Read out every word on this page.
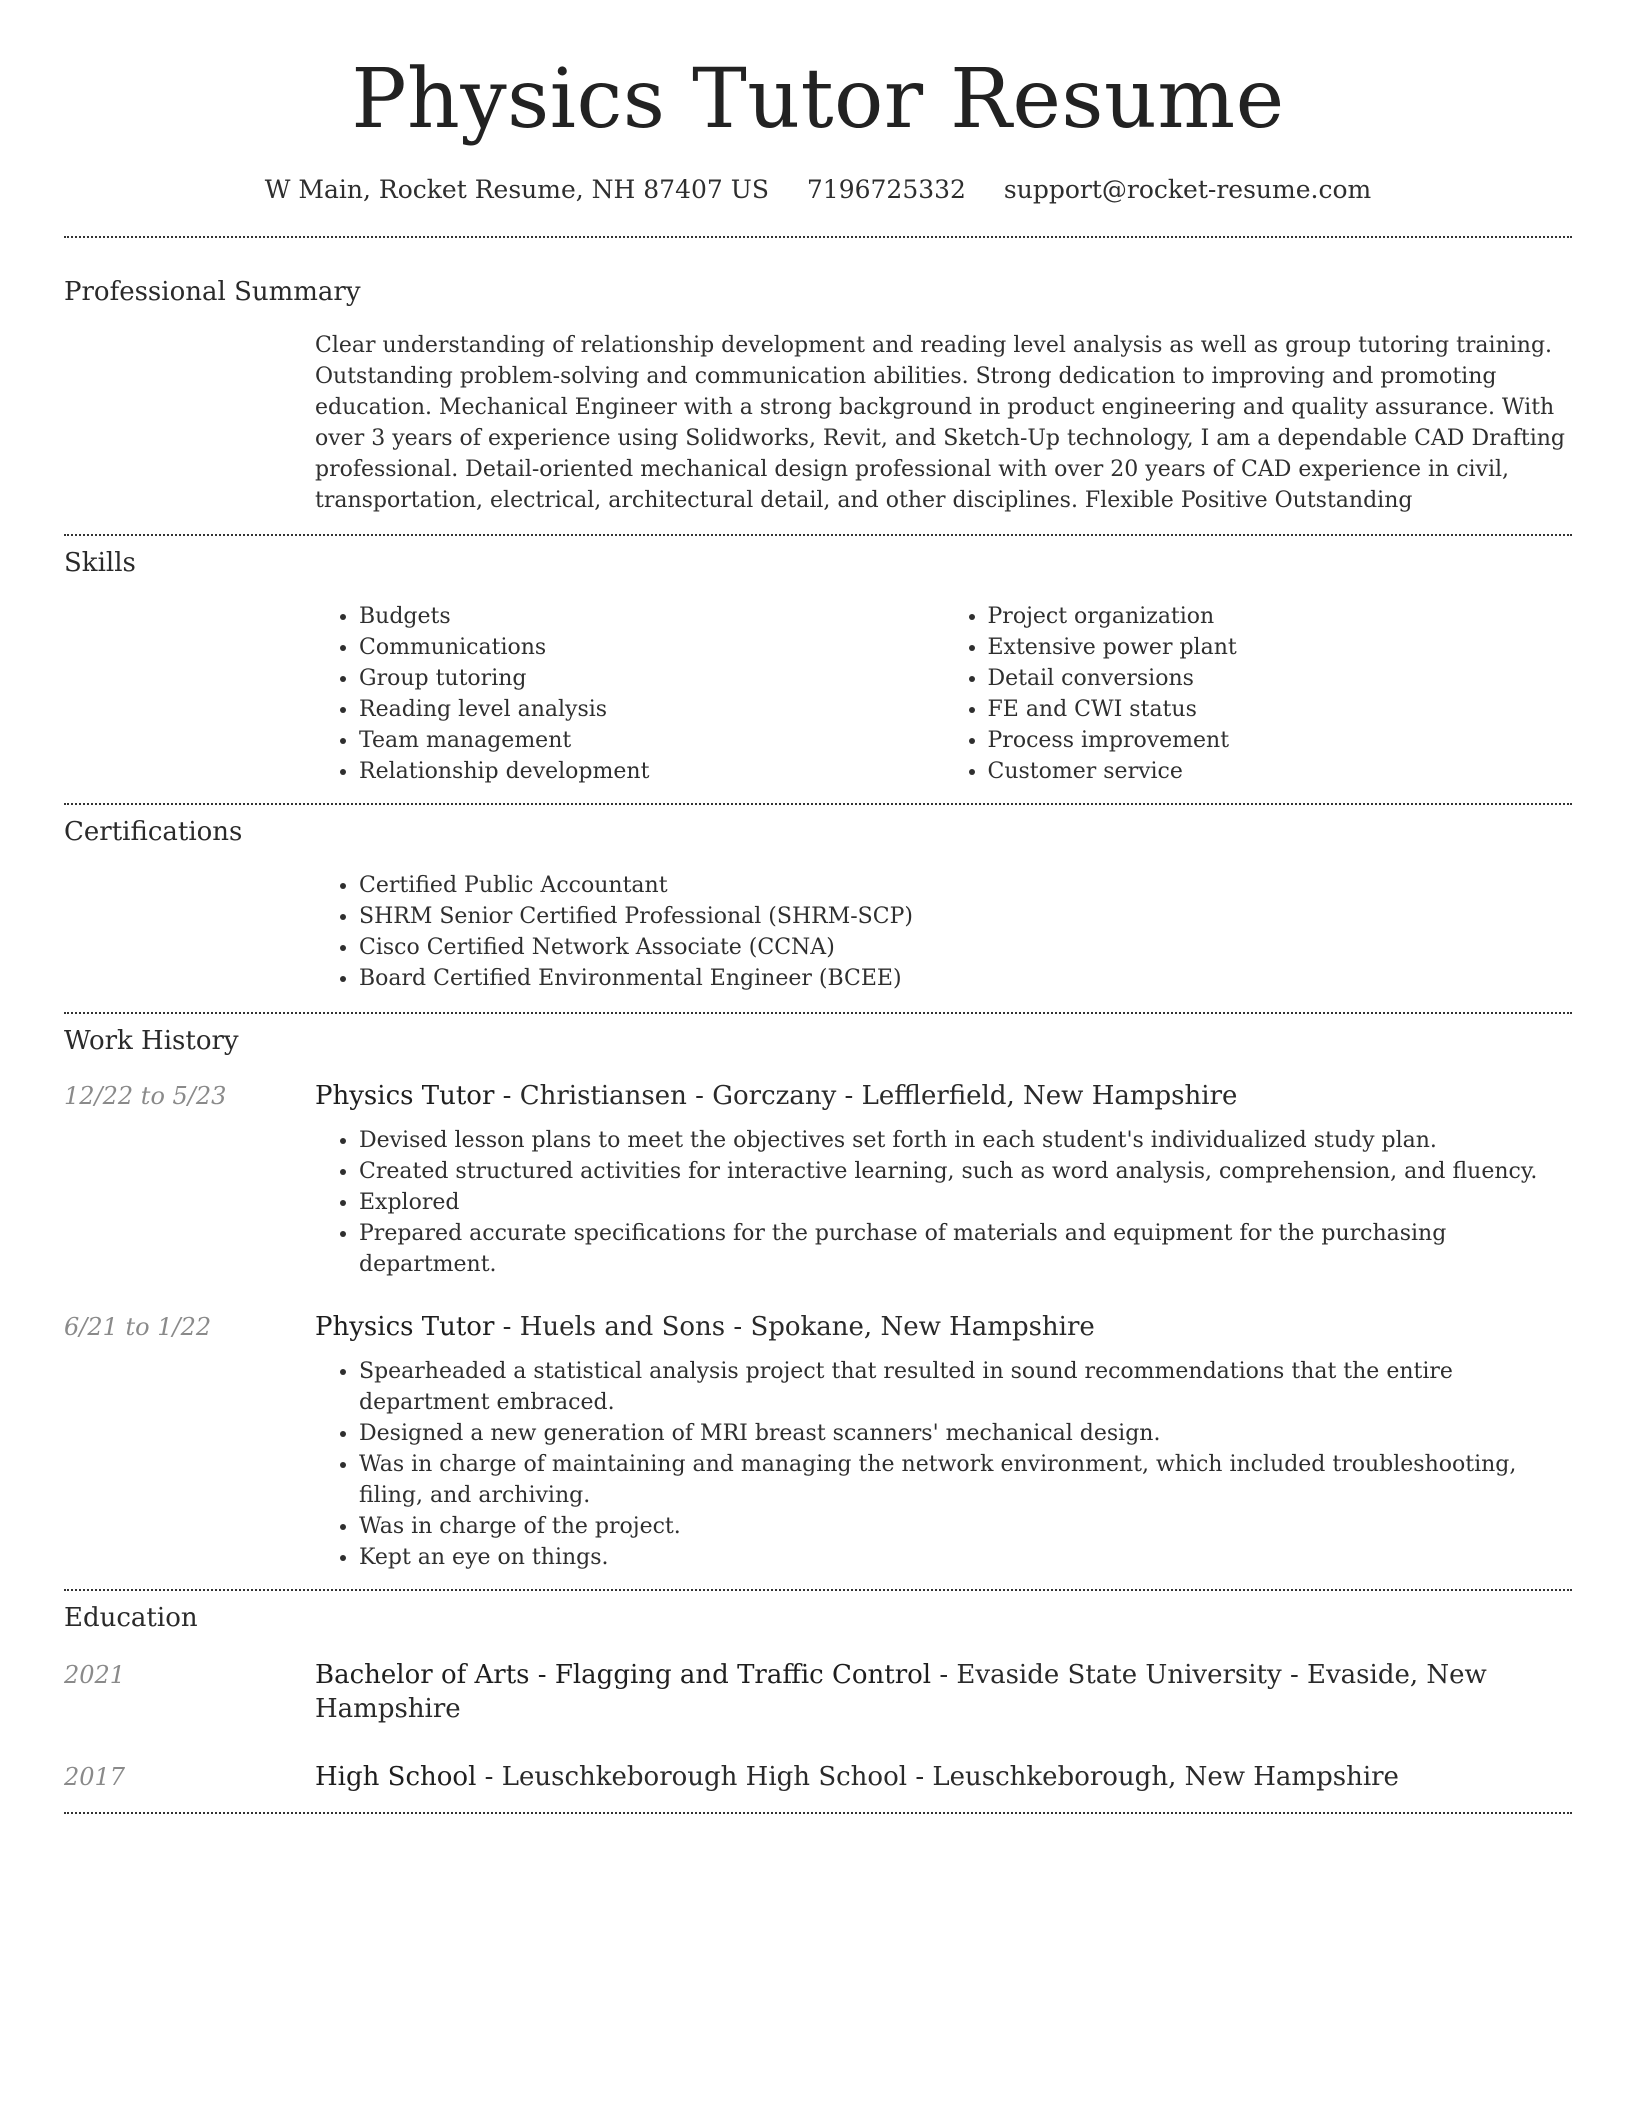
Physics Tutor Resume
W Main, Rocket Resume, NH 87407 US 7196725332 support@rocket-resume.com
Professional Summary
Clear understanding of relationship development and reading level analysis as well as group tutoring training. Outstanding problem-solving and communication abilities. Strong dedication to improving and promoting education. Mechanical Engineer with a strong background in product engineering and quality assurance. With over 3 years of experience using Solidworks, Revit, and Sketch-Up technology, I am a dependable CAD Drafting professional. Detail-oriented mechanical design professional with over 20 years of CAD experience in civil, transportation, electrical, architectural detail, and other disciplines. Flexible Positive Outstanding
Skills
• Budgets
• Communications
• Group tutoring
• Reading level analysis
• Team management
• Relationship development
• Project organization
• Extensive power plant
• Detail conversions
• FE and CWI status
• Process improvement
• Customer service
Certifications
• Certified Public Accountant
• SHRM Senior Certified Professional (SHRM-SCP)
• Cisco Certified Network Associate (CCNA)
• Board Certified Environmental Engineer (BCEE)
Work History
12/22 to 5/23	Physics Tutor - Christiansen - Gorczany - Lefflerfield, New Hampshire
• Devised lesson plans to meet the objectives set forth in each student's individualized study plan.
• Created structured activities for interactive learning, such as word analysis, comprehension, and fluency.
• Explored
• Prepared accurate specifications for the purchase of materials and equipment for the purchasing department.
6/21 to 1/22	Physics Tutor - Huels and Sons - Spokane, New Hampshire
• Spearheaded a statistical analysis project that resulted in sound recommendations that the entire department embraced.
• Designed a new generation of MRI breast scanners' mechanical design.
• Was in charge of maintaining and managing the network environment, which included troubleshooting, filing, and archiving.
• Was in charge of the project.
• Kept an eye on things.
Education
2021	Bachelor of Arts - Flagging and Traffic Control - Evaside State University - Evaside, New Hampshire
2017	High School - Leuschkeborough High School - Leuschkeborough, New Hampshire
